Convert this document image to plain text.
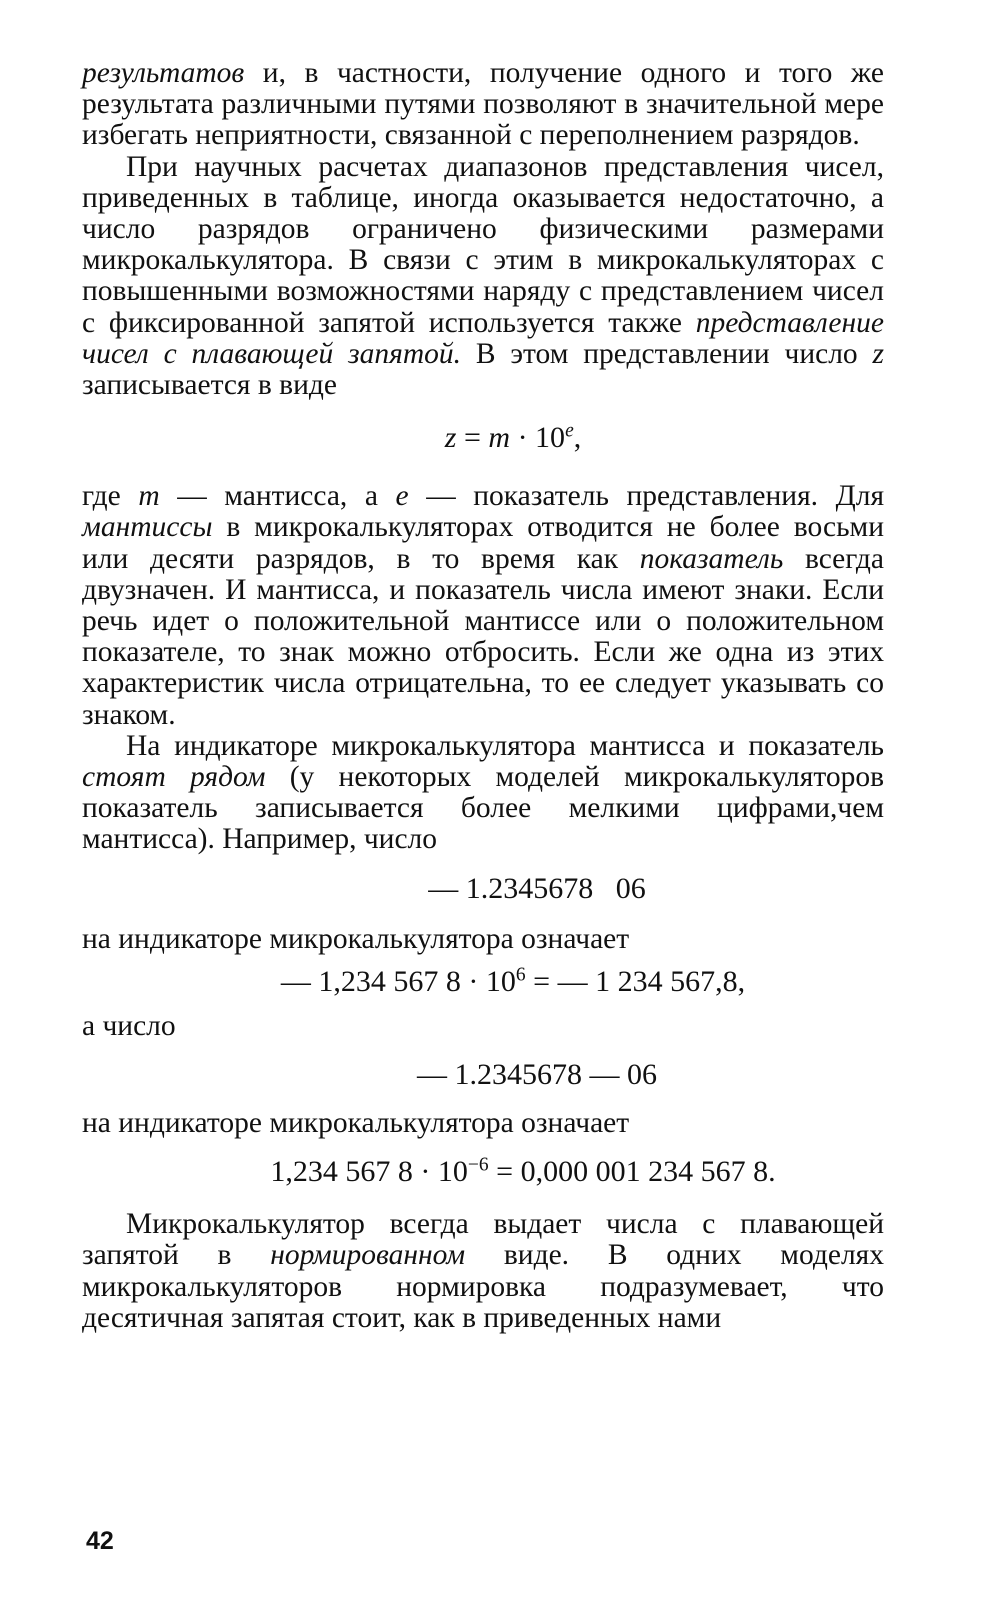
результатов и, в частности, получение одного и того же результата различными путями позволяют в значительной мере избегать неприятности, связанной с переполнением разрядов.

При научных расчетах диапазонов представления чисел, приведенных в таблице, иногда оказывается недостаточно, а число разрядов ограничено физическими размерами микрокалькулятора. В связи с этим в микрокалькуляторах с повышенными возможностями наряду с представлением чисел с фиксированной запятой используется также представление чисел с плавающей запятой. В этом представлении число z записывается в виде

$z = m \cdot 10^e$,

где m — мантисса, а e — показатель представления. Для мантиссы в микрокалькуляторах отводится не более восьми или десяти разрядов, в то время как показатель всегда двузначен. И мантисса, и показатель числа имеют знаки. Если речь идет о положительной мантиссе или о положительном показателе, то знак можно отбросить. Если же одна из этих характеристик числа отрицательна, то ее следует указывать со знаком.

На индикаторе микрокалькулятора мантисса и показатель стоят рядом (у некоторых моделей микрокалькуляторов показатель записывается более мелкими цифрами,чем мантисса). Например, число

— 1.2345678   06

на индикаторе микрокалькулятора означает

— 1,234 567 $8 \cdot 10^6$ = — 1 234 567,8,

а число

— 1.2345678 — 06

на индикаторе микрокалькулятора означает

1,234 567 $8 \cdot 10^{-6} = 0,000$ 001 234 567 8.

Микрокалькулятор всегда выдает числа с плавающей запятой в нормированном виде. В одних моделях микрокалькуляторов нормировка подразумевает, что десятичная запятая стоит, как в приведенных нами

42
